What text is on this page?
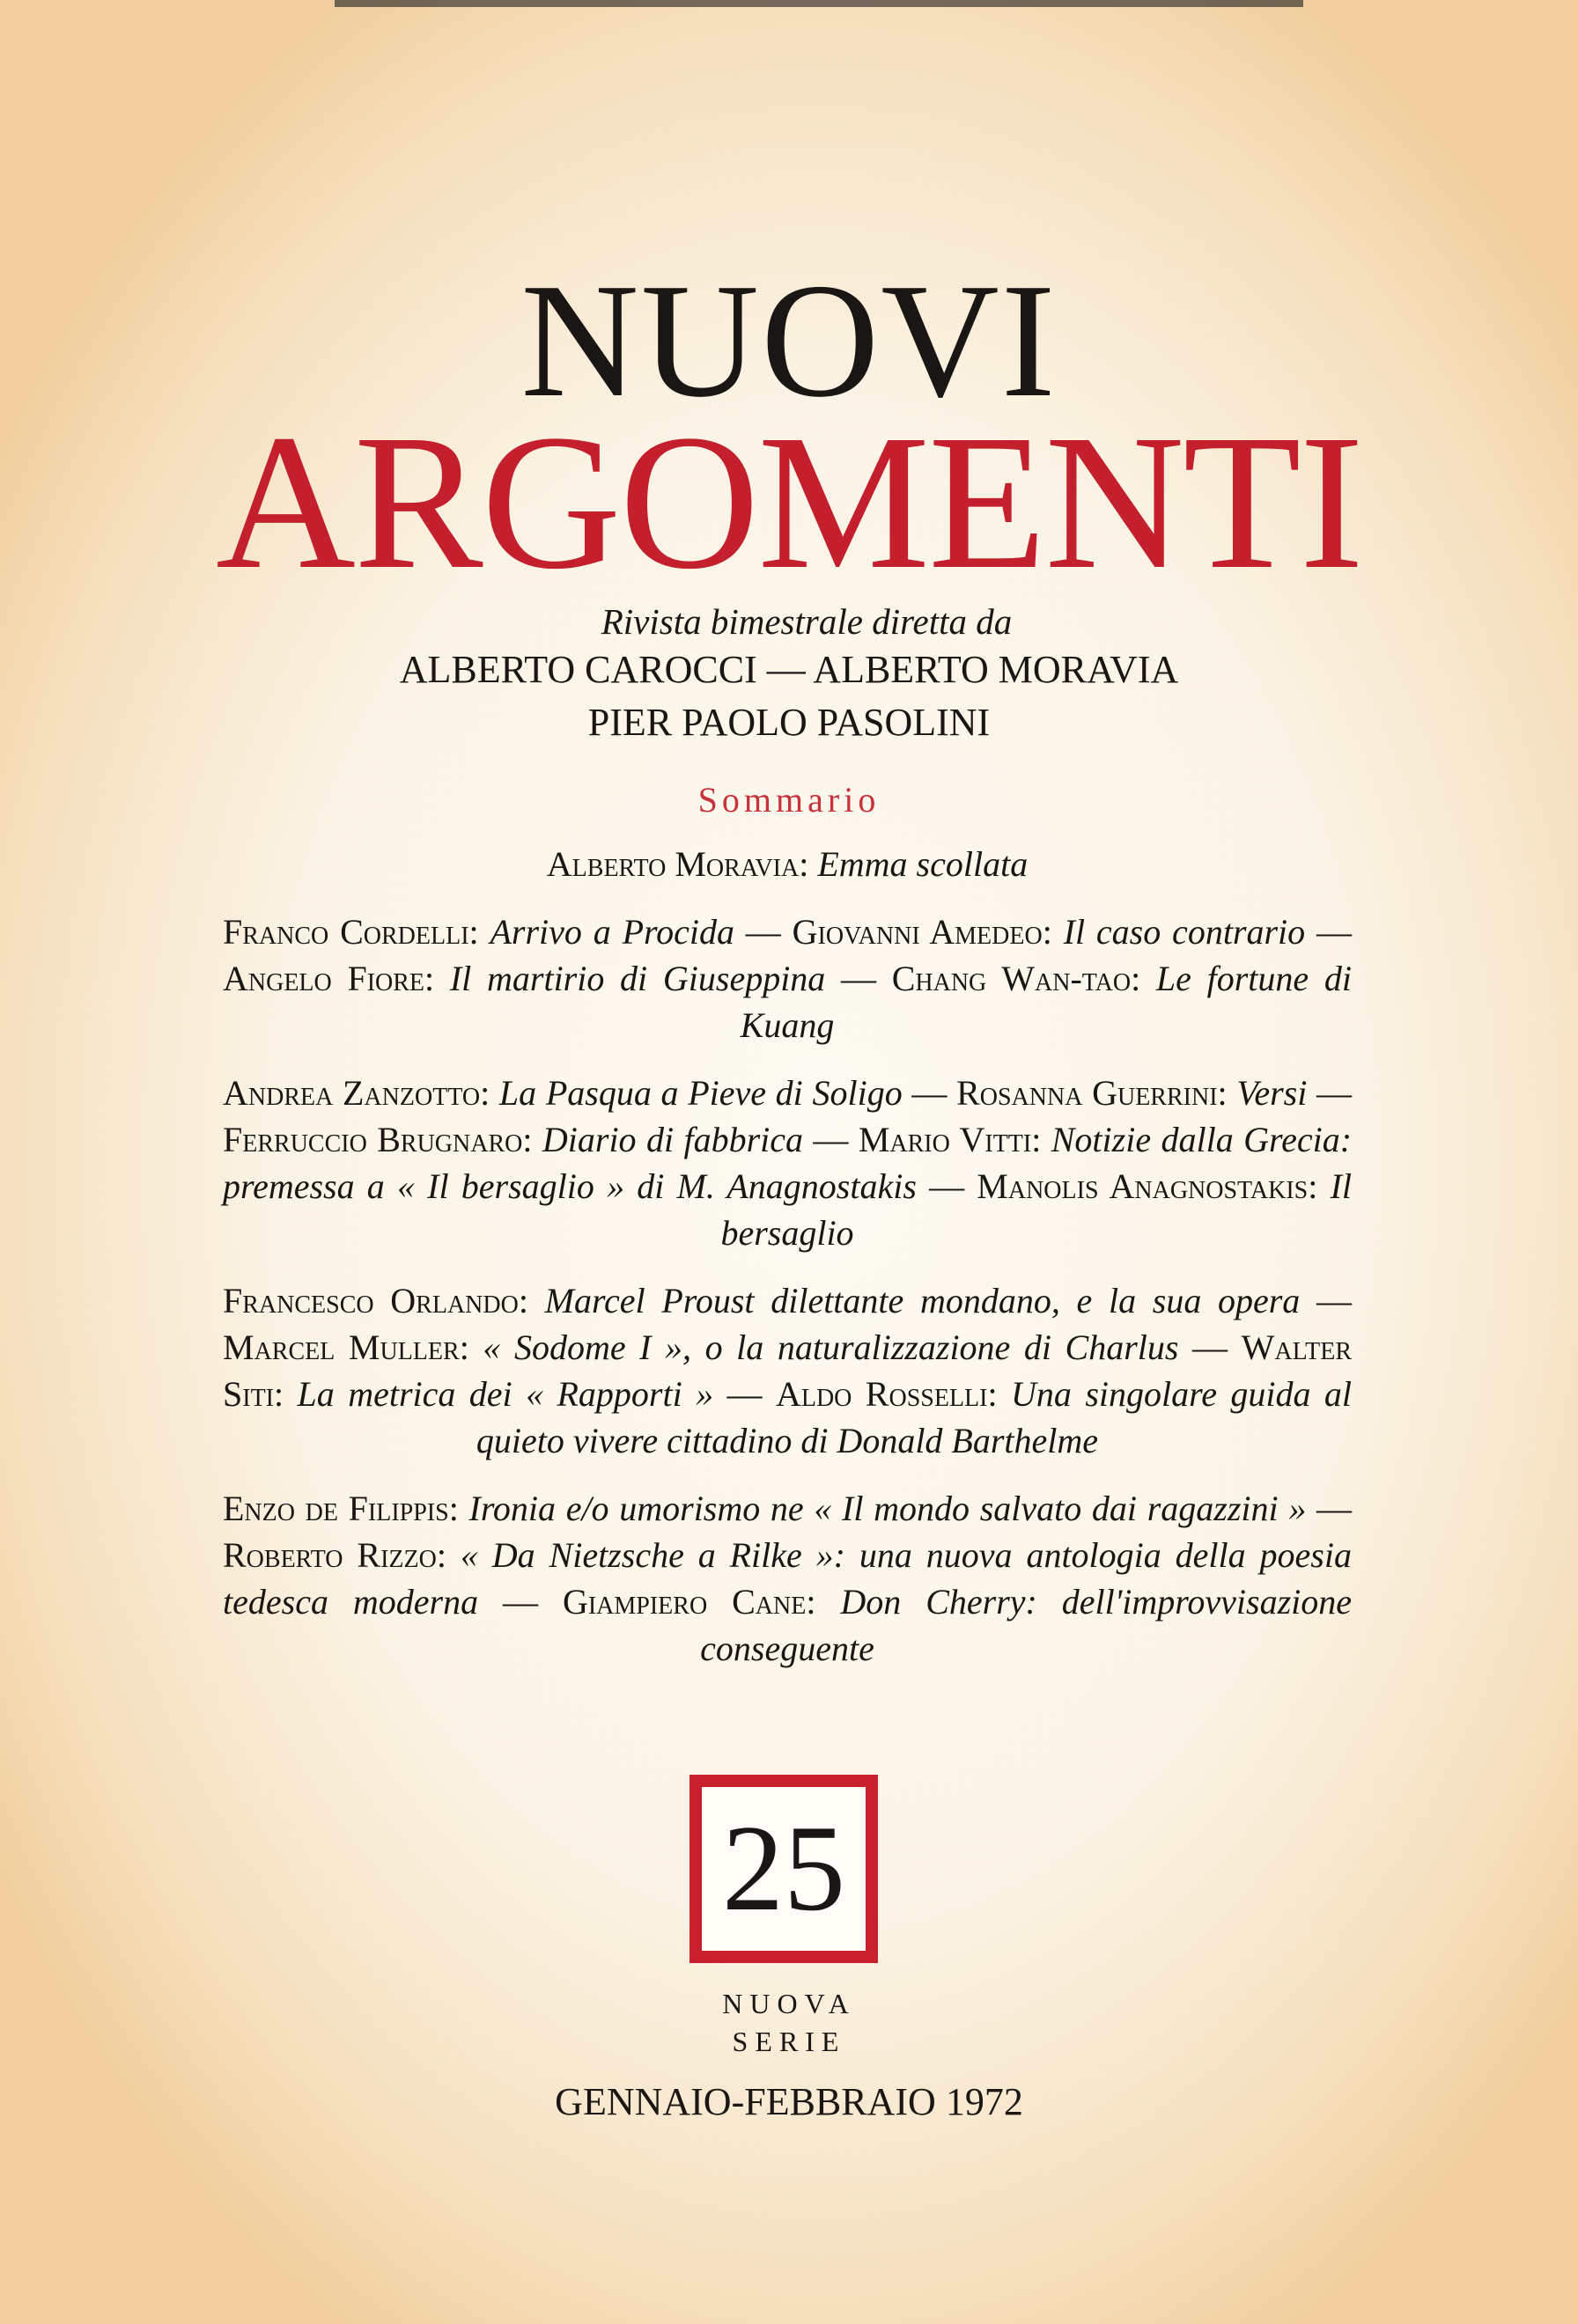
NUOVI
ARGOMENTI
Rivista bimestrale diretta da
ALBERTO CAROCCI — ALBERTO MORAVIA
PIER PAOLO PASOLINI
Sommario

Alberto Moravia: Emma scollata

Franco Cordelli: Arrivo a Procida — Giovanni Amedeo: Il caso contrario — Angelo Fiore: Il martirio di Giuseppina — Chang Wan-tao: Le fortune di Kuang

Andrea Zanzotto: La Pasqua a Pieve di Soligo — Rosanna Guerrini: Versi — Ferruccio Brugnaro: Diario di fabbrica — Mario Vitti: Notizie dalla Grecia: premessa a « Il bersaglio » di M. Anagnostakis — Manolis Anagnostakis: Il bersaglio

Francesco Orlando: Marcel Proust dilettante mondano, e la sua opera — Marcel Muller: « Sodome I », o la naturalizzazione di Charlus — Walter Siti: La metrica dei « Rapporti » — Aldo Rosselli: Una singolare guida al quieto vivere cittadino di Donald Barthelme

Enzo de Filippis: Ironia e/o umorismo ne « Il mondo salvato dai ragazzini » — Roberto Rizzo: « Da Nietzsche a Rilke »: una nuova antologia della poesia tedesca moderna — Giampiero Cane: Don Cherry: dell'improvvisazione conseguente

25
NUOVA
SERIE
GENNAIO-FEBBRAIO 1972
